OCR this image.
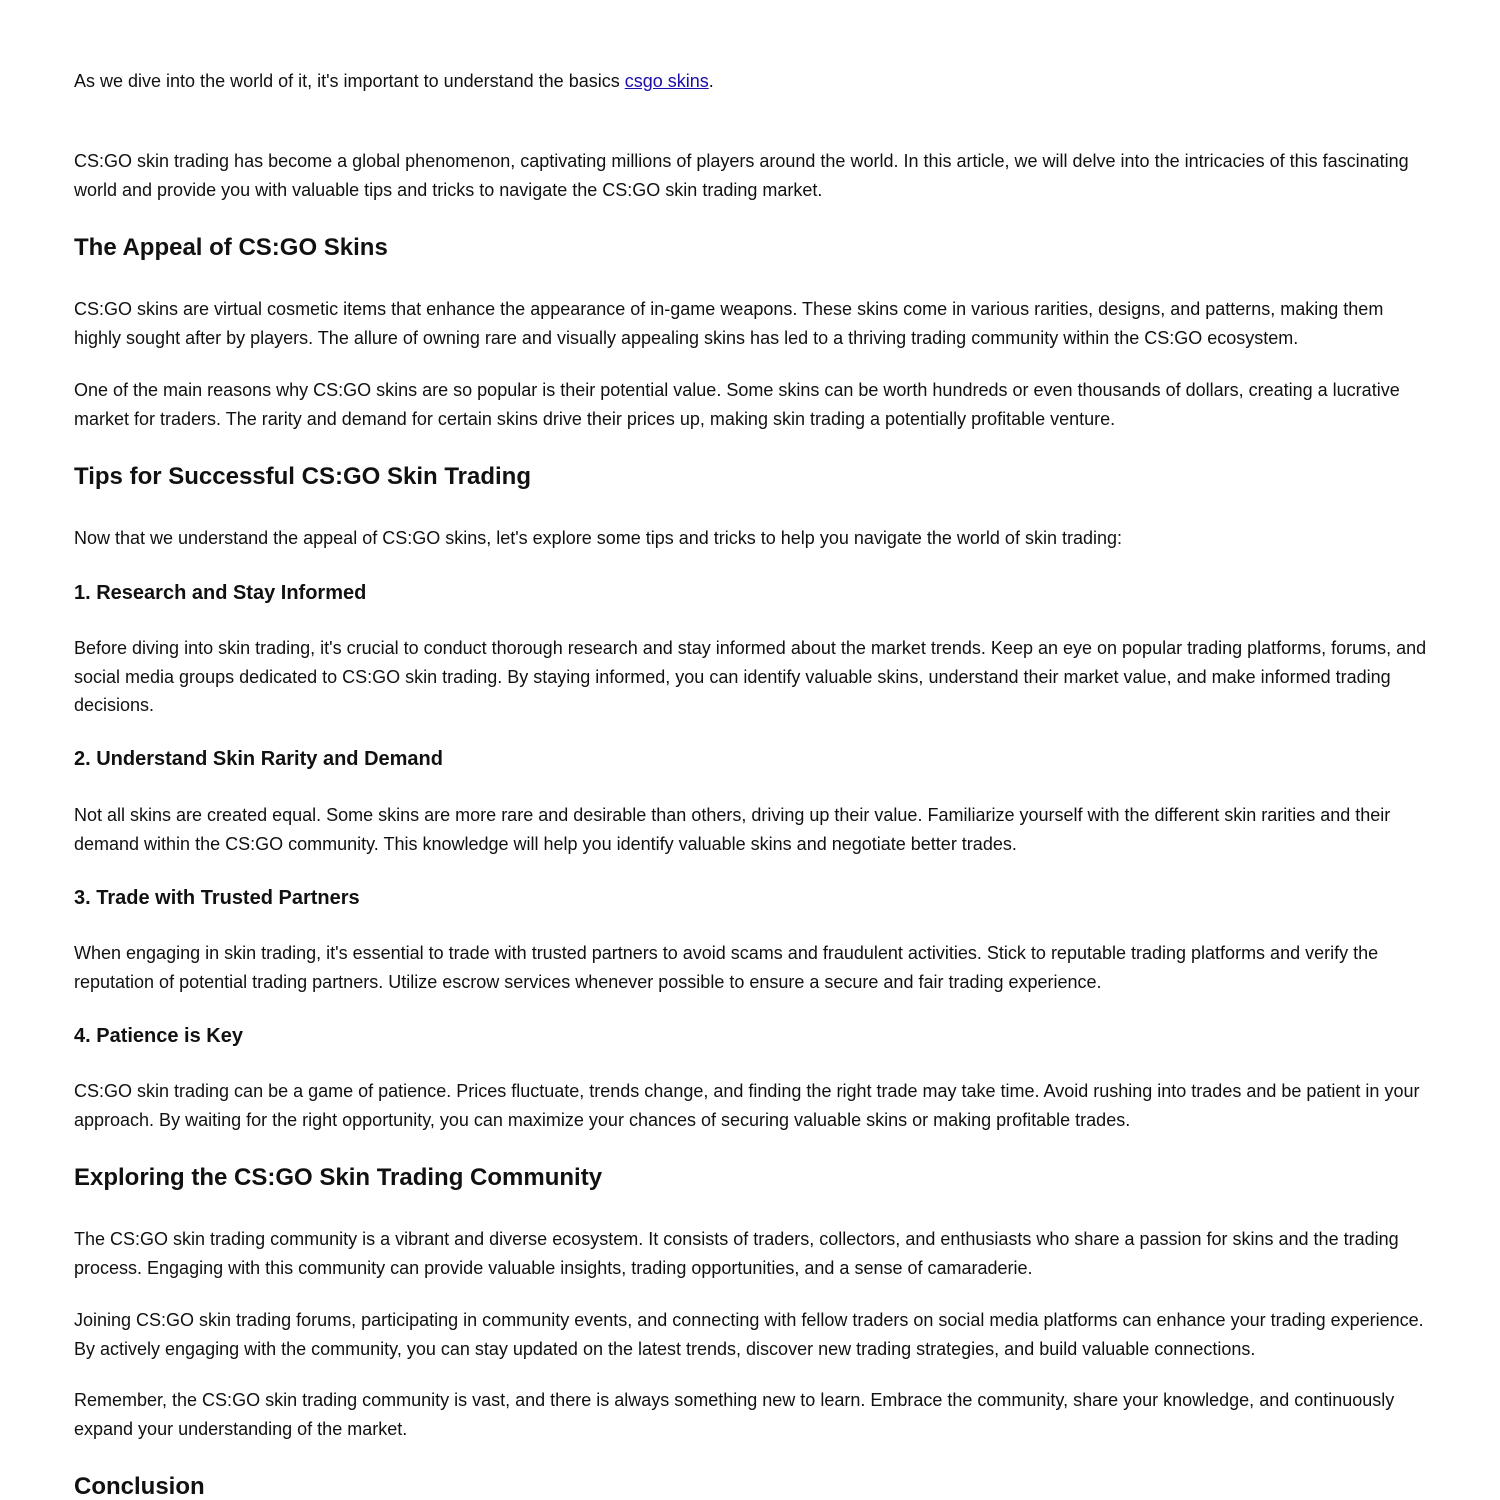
As we dive into the world of it, it's important to understand the basics csgo skins.

CS:GO skin trading has become a global phenomenon, captivating millions of players around the world. In this article, we will delve into the intricacies of this fascinating world and provide you with valuable tips and tricks to navigate the CS:GO skin trading market.

The Appeal of CS:GO Skins

CS:GO skins are virtual cosmetic items that enhance the appearance of in-game weapons. These skins come in various rarities, designs, and patterns, making them highly sought after by players. The allure of owning rare and visually appealing skins has led to a thriving trading community within the CS:GO ecosystem.

One of the main reasons why CS:GO skins are so popular is their potential value. Some skins can be worth hundreds or even thousands of dollars, creating a lucrative market for traders. The rarity and demand for certain skins drive their prices up, making skin trading a potentially profitable venture.

Tips for Successful CS:GO Skin Trading

Now that we understand the appeal of CS:GO skins, let's explore some tips and tricks to help you navigate the world of skin trading:

1. Research and Stay Informed

Before diving into skin trading, it's crucial to conduct thorough research and stay informed about the market trends. Keep an eye on popular trading platforms, forums, and social media groups dedicated to CS:GO skin trading. By staying informed, you can identify valuable skins, understand their market value, and make informed trading decisions.

2. Understand Skin Rarity and Demand

Not all skins are created equal. Some skins are more rare and desirable than others, driving up their value. Familiarize yourself with the different skin rarities and their demand within the CS:GO community. This knowledge will help you identify valuable skins and negotiate better trades.

3. Trade with Trusted Partners

When engaging in skin trading, it's essential to trade with trusted partners to avoid scams and fraudulent activities. Stick to reputable trading platforms and verify the reputation of potential trading partners. Utilize escrow services whenever possible to ensure a secure and fair trading experience.

4. Patience is Key

CS:GO skin trading can be a game of patience. Prices fluctuate, trends change, and finding the right trade may take time. Avoid rushing into trades and be patient in your approach. By waiting for the right opportunity, you can maximize your chances of securing valuable skins or making profitable trades.

Exploring the CS:GO Skin Trading Community

The CS:GO skin trading community is a vibrant and diverse ecosystem. It consists of traders, collectors, and enthusiasts who share a passion for skins and the trading process. Engaging with this community can provide valuable insights, trading opportunities, and a sense of camaraderie.

Joining CS:GO skin trading forums, participating in community events, and connecting with fellow traders on social media platforms can enhance your trading experience. By actively engaging with the community, you can stay updated on the latest trends, discover new trading strategies, and build valuable connections.

Remember, the CS:GO skin trading community is vast, and there is always something new to learn. Embrace the community, share your knowledge, and continuously expand your understanding of the market.

Conclusion
